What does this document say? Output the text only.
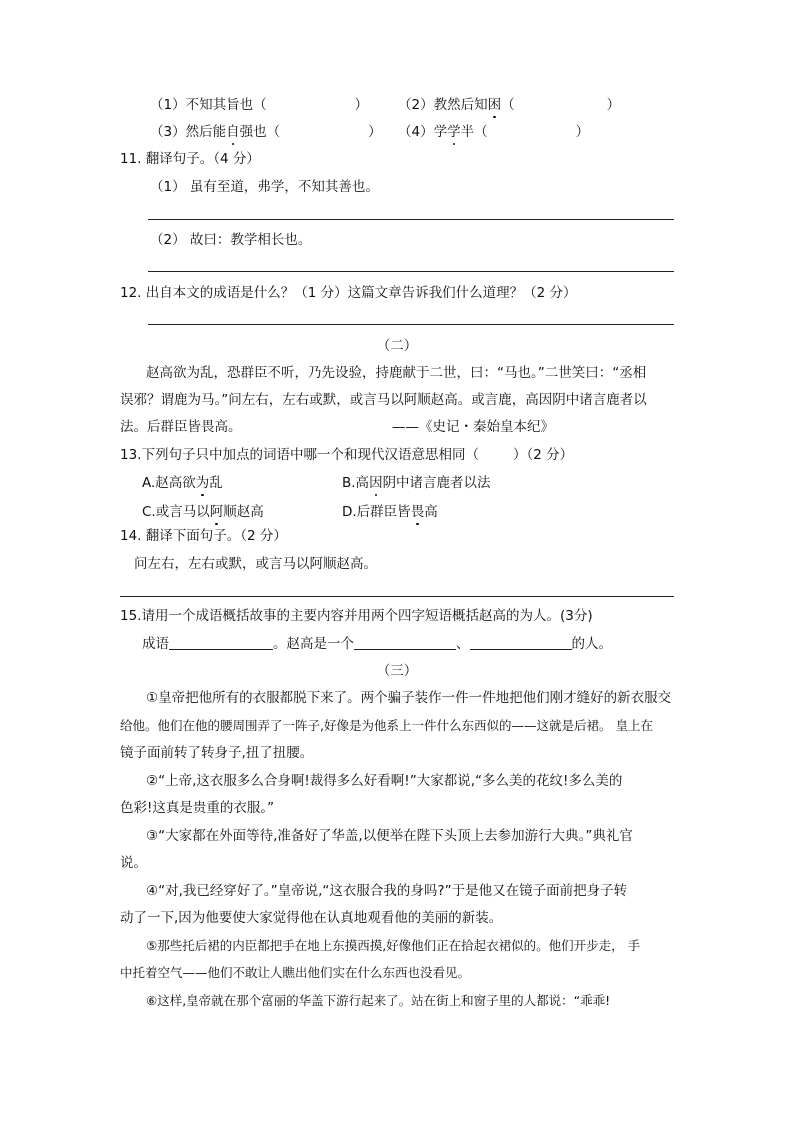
（1）不知其旨也（	） （2）教然后知困（	）
（3）然后能自强也（	） （4）学学半（	）
11. 翻译句子。（4 分）
（1） 虽有至道，弗学，不知其善也。
（2） 故曰：教学相长也。
12. 出自本文的成语是什么？（1 分）这篇文章告诉我们什么道理？（2 分）
（二）
赵高欲为乱，恐群臣不听，乃先设验，持鹿献于二世，曰：“马也。”二世笑曰：“丞相
误邪？谓鹿为马。”问左右，左右或默，或言马以阿顺赵高。或言鹿，高因阴中诸言鹿者以
法。后群臣皆畏高。	——《史记・秦始皇本纪》
13.下列句子只中加点的词语中哪一个和现代汉语意思相同（	）（2 分）
A.赵高欲为乱	B.高因阴中诸言鹿者以法
C.或言马以阿顺赵高	D.后群臣皆畏高
14. 翻译下面句子。（2 分）
问左右，左右或默，或言马以阿顺赵高。
15.请用一个成语概括故事的主要内容并用两个四字短语概括赵高的为人。(3分)
成语	。赵高是一个	、	的人。
（三）
①皇帝把他所有的衣服都脱下来了。两个骗子装作一件一件地把他们刚才缝好的新衣服交
给他。他们在他的腰周围弄了一阵子,好像是为他系上一件什么东西似的——这就是后裙。 皇上在
镜子面前转了转身子,扭了扭腰。
②“上帝,这衣服多么合身啊!裁得多么好看啊!”大家都说,“多么美的花纹!多么美的
色彩!这真是贵重的衣服。”
③“大家都在外面等待,准备好了华盖,以便举在陛下头顶上去参加游行大典。”典礼官
说。
④“对,我已经穿好了。”皇帝说,“这衣服合我的身吗?”于是他又在镜子面前把身子转
动了一下,因为他要使大家觉得他在认真地观看他的美丽的新装。
⑤那些托后裙的内臣都把手在地上东摸西摸,好像他们正在拾起衣裙似的。他们开步走， 手
中托着空气——他们不敢让人瞧出他们实在什么东西也没看见。
⑥这样,皇帝就在那个富丽的华盖下游行起来了。站在街上和窗子里的人都说：“乖乖!
